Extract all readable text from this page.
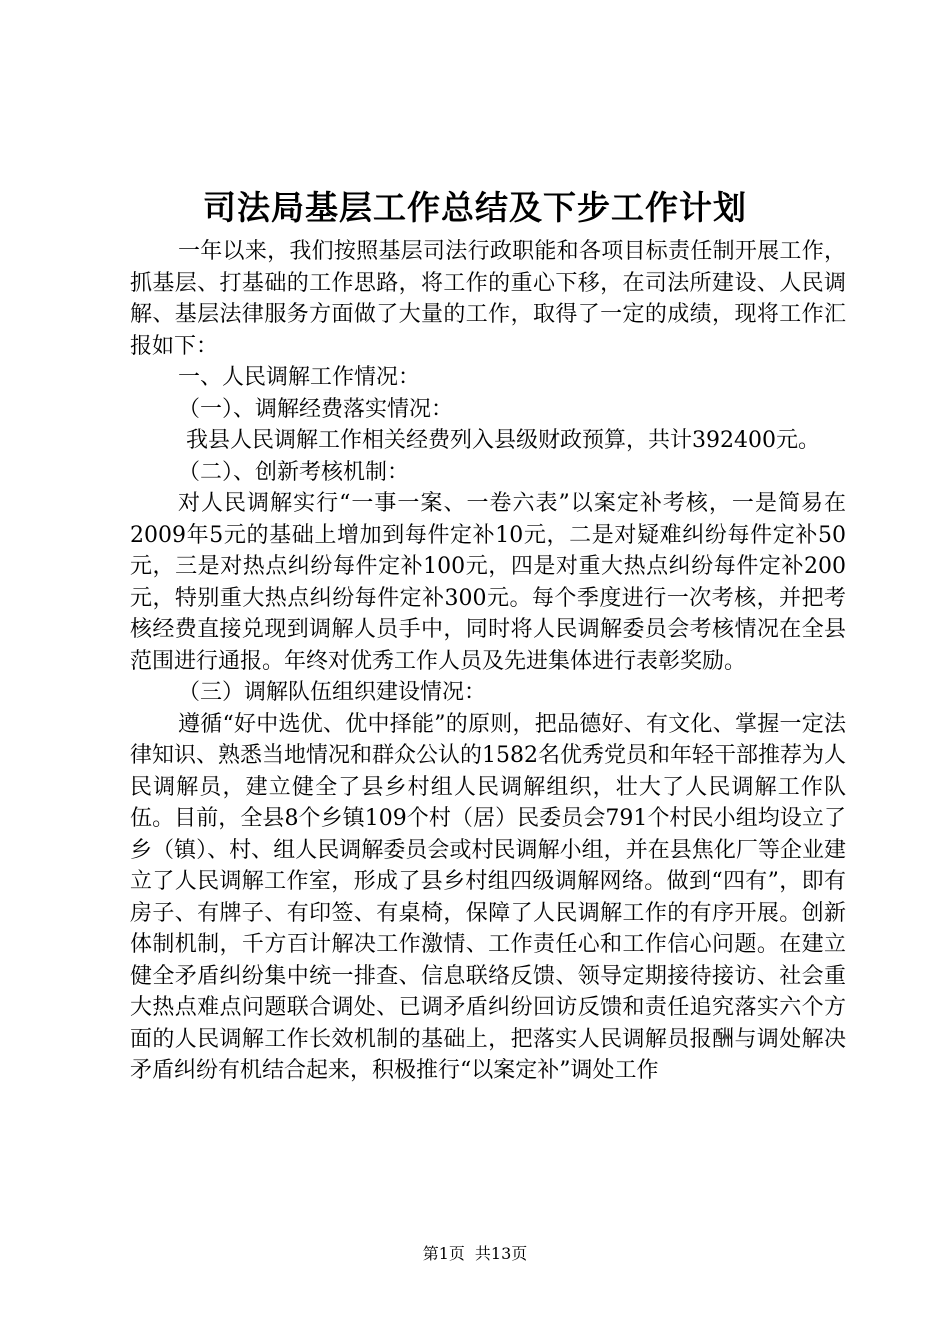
司法局基层工作总结及下步工作计划

一年以来，我们按照基层司法行政职能和各项目标责任制开展工作，抓基层、打基础的工作思路，将工作的重心下移，在司法所建设、人民调解、基层法律服务方面做了大量的工作，取得了一定的成绩，现将工作汇报如下：

一、人民调解工作情况：

（一）、调解经费落实情况：

我县人民调解工作相关经费列入县级财政预算，共计392400元。

（二）、创新考核机制：

对人民调解实行“一事一案、一卷六表”以案定补考核，一是简易在2009年5元的基础上增加到每件定补10元，二是对疑难纠纷每件定补50元，三是对热点纠纷每件定补100元，四是对重大热点纠纷每件定补200元，特别重大热点纠纷每件定补300元。每个季度进行一次考核，并把考核经费直接兑现到调解人员手中，同时将人民调解委员会考核情况在全县范围进行通报。年终对优秀工作人员及先进集体进行表彰奖励。

（三）调解队伍组织建设情况：

遵循“好中选优、优中择能”的原则，把品德好、有文化、掌握一定法律知识、熟悉当地情况和群众公认的1582名优秀党员和年轻干部推荐为人民调解员，建立健全了县乡村组人民调解组织，壮大了人民调解工作队伍。目前，全县8个乡镇109个村（居）民委员会791个村民小组均设立了乡（镇）、村、组人民调解委员会或村民调解小组，并在县焦化厂等企业建立了人民调解工作室，形成了县乡村组四级调解网络。做到“四有”，即有房子、有牌子、有印签、有桌椅，保障了人民调解工作的有序开展。创新体制机制，千方百计解决工作激情、工作责任心和工作信心问题。在建立健全矛盾纠纷集中统一排查、信息联络反馈、领导定期接待接访、社会重大热点难点问题联合调处、已调矛盾纠纷回访反馈和责任追究落实六个方面的人民调解工作长效机制的基础上，把落实人民调解员报酬与调处解决矛盾纠纷有机结合起来，积极推行“以案定补”调处工作

第1页 共13页
